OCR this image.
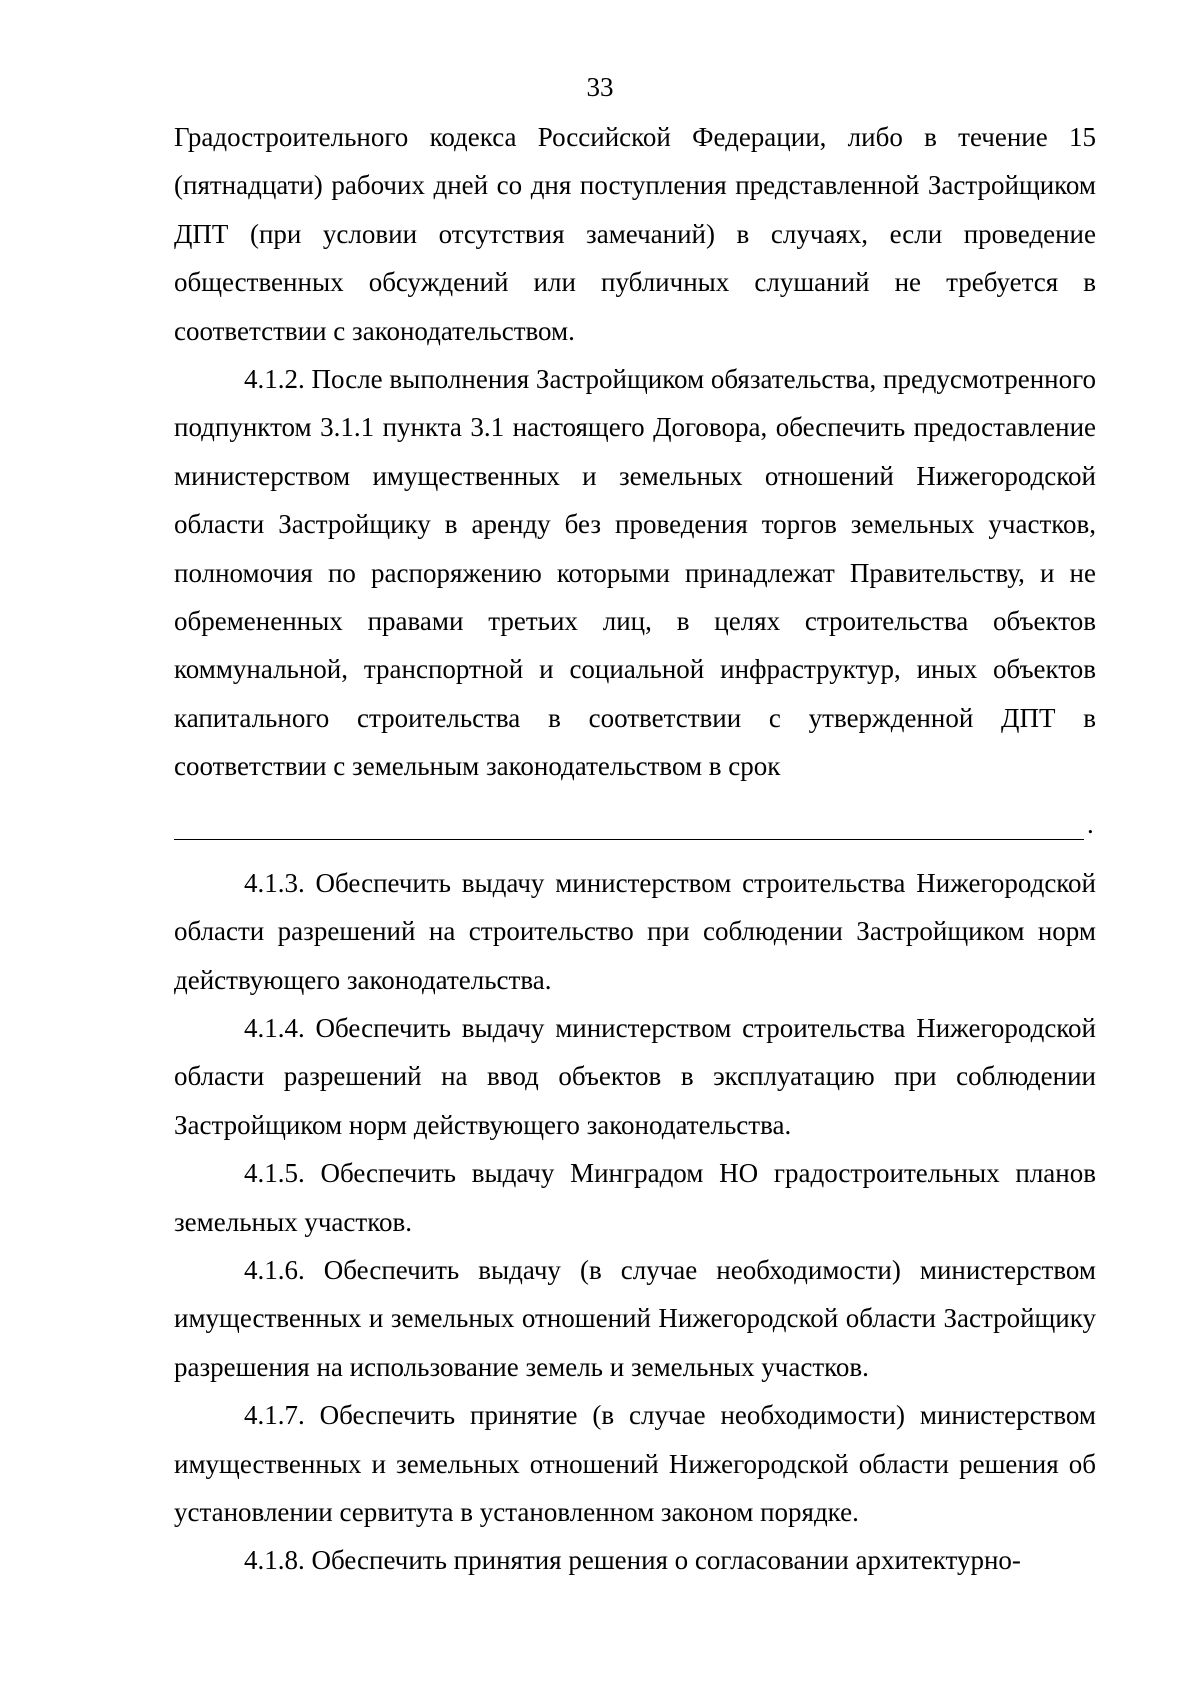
33

Градостроительного кодекса Российской Федерации, либо в течение 15 (пятнадцати) рабочих дней со дня поступления представленной Застройщиком ДПТ (при условии отсутствия замечаний) в случаях, если проведение общественных обсуждений или публичных слушаний не требуется в соответствии с законодательством.

4.1.2. После выполнения Застройщиком обязательства, предусмотренного подпунктом 3.1.1 пункта 3.1 настоящего Договора, обеспечить предоставление министерством имущественных и земельных отношений Нижегородской области Застройщику в аренду без проведения торгов земельных участков, полномочия по распоряжению которыми принадлежат Правительству, и не обремененных правами третьих лиц, в целях строительства объектов коммунальной, транспортной и социальной инфраструктур, иных объектов капитального строительства в соответствии с утвержденной ДПТ в соответствии с земельным законодательством в срок

.

4.1.3. Обеспечить выдачу министерством строительства Нижегородской области разрешений на строительство при соблюдении Застройщиком норм действующего законодательства.

4.1.4. Обеспечить выдачу министерством строительства Нижегородской области разрешений на ввод объектов в эксплуатацию при соблюдении Застройщиком норм действующего законодательства.

4.1.5. Обеспечить выдачу Минградом НО градостроительных планов земельных участков.

4.1.6. Обеспечить выдачу (в случае необходимости) министерством имущественных и земельных отношений Нижегородской области Застройщику разрешения на использование земель и земельных участков.

4.1.7. Обеспечить принятие (в случае необходимости) министерством имущественных и земельных отношений Нижегородской области решения об установлении сервитута в установленном законом порядке.

4.1.8. Обеспечить принятия решения о согласовании архитектурно-
